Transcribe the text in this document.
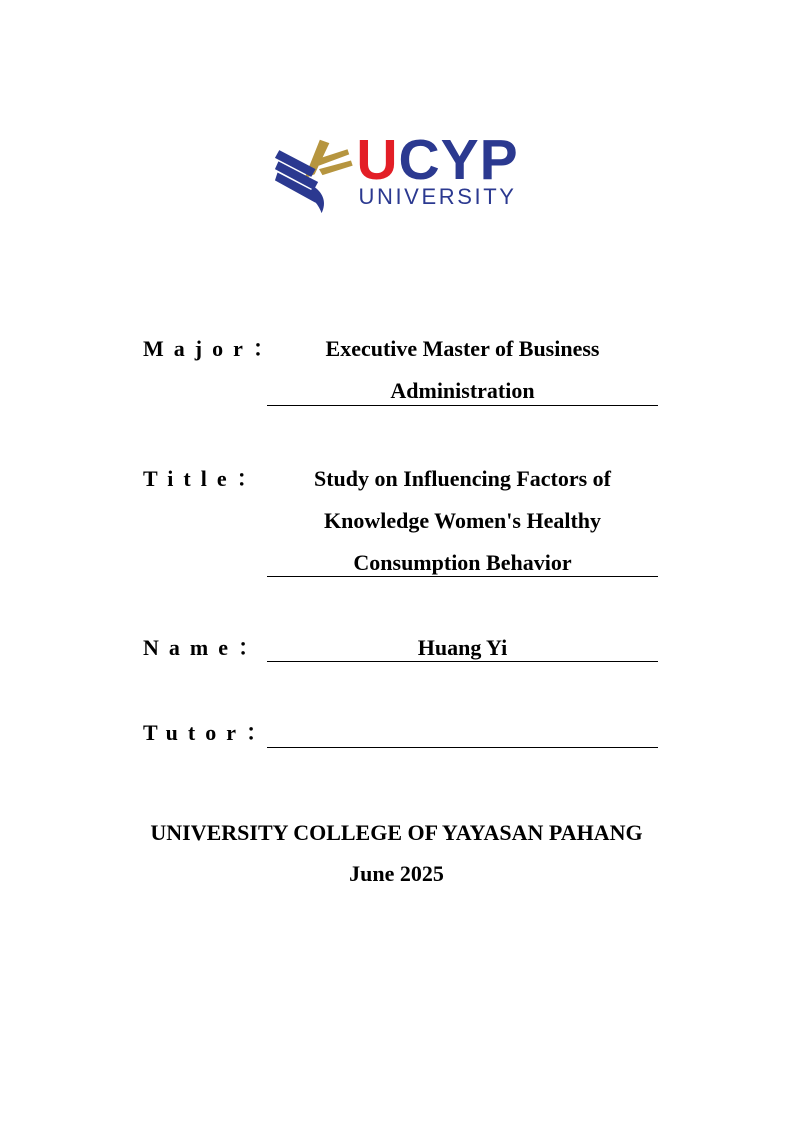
UCYP
UNIVERSITY
Major：	Executive Master of Business
Administration
Title：	Study on Influencing Factors of
Knowledge Women's Healthy
Consumption Behavior
Name：	Huang Yi
Tutor：
UNIVERSITY COLLEGE OF YAYASAN PAHANG
June 2025
